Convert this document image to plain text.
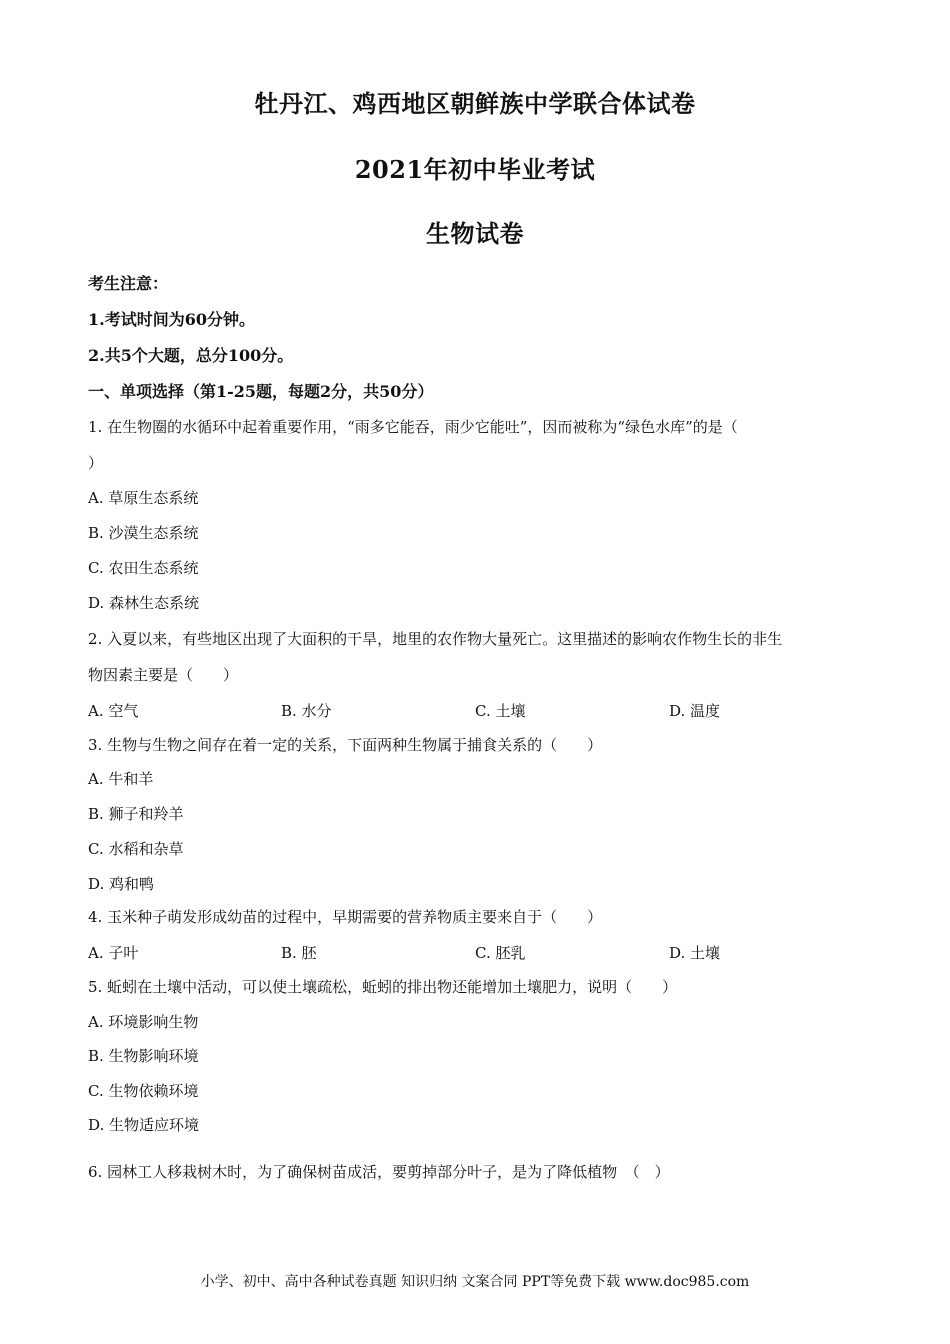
牡丹江、鸡西地区朝鲜族中学联合体试卷
2021年初中毕业考试
生物试卷
考生注意：
1.考试时间为60分钟。
2.共5个大题，总分100分。
一、单项选择（第1-25题，每题2分，共50分）
1. 在生物圈的水循环中起着重要作用，“雨多它能吞，雨少它能吐”，因而被称为“绿色水库”的是（
）
A. 草原生态系统
B. 沙漠生态系统
C. 农田生态系统
D. 森林生态系统
2. 入夏以来，有些地区出现了大面积的干旱，地里的农作物大量死亡。这里描述的影响农作物生长的非生
物因素主要是（　　）
A. 空气	B. 水分	C. 土壤	D. 温度
3. 生物与生物之间存在着一定的关系，下面两种生物属于捕食关系的（　　）
A. 牛和羊
B. 狮子和羚羊
C. 水稻和杂草
D. 鸡和鸭
4. 玉米种子萌发形成幼苗的过程中，早期需要的营养物质主要来自于（　　）
A. 子叶	B. 胚	C. 胚乳	D. 土壤
5. 蚯蚓在土壤中活动，可以使土壤疏松，蚯蚓的排出物还能增加土壤肥力，说明（　　）
A. 环境影响生物
B. 生物影响环境
C. 生物依赖环境
D. 生物适应环境
6. 园林工人移栽树木时，为了确保树苗成活，要剪掉部分叶子，是为了降低植物　（　）
小学、初中、高中各种试卷真题 知识归纳 文案合同 PPT等免费下载 www.doc985.com
